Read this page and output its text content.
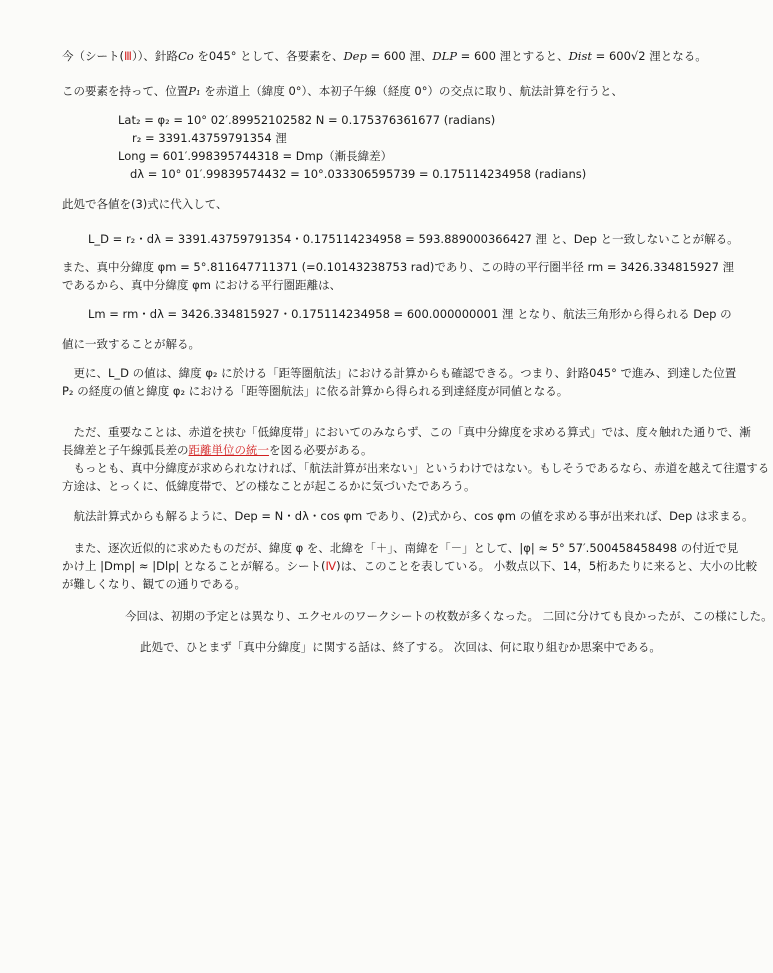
今（シート(Ⅲ））、針路Co を045° として、各要素を、Dep = 600 浬、DLP = 600 浬とすると、Dist = 600√2 浬となる。
この要素を持って、位置P₁ を赤道上（緯度 0°）、本初子午線（経度 0°）の交点に取り、航法計算を行うと、
Lat₂ = φ₂ = 10° 02′.89952102582 N = 0.175376361677 (radians)
r₂ = 3391.43759791354 浬
Long = 601′.998395744318 = Dmp（漸長緯差）
dλ = 10° 01′.99839574432 = 10°.033306595739 = 0.175114234958 (radians)
此処で各値を(3)式に代入して、
L_D = r₂・dλ = 3391.43759791354・0.175114234958 = 593.889000366427 浬 と、Dep と一致しないことが解る。
また、真中分緯度 φm = 5°.811647711371 (=0.10143238753 rad)であり、この時の平行圏半径 rm = 3426.334815927 浬
であるから、真中分緯度 φm における平行圏距離は、
Lm = rm・dλ = 3426.334815927・0.175114234958 = 600.000000001 浬 となり、航法三角形から得られる Dep の
値に一致することが解る。
　更に、L_D の値は、緯度 φ₂ に於ける「距等圏航法」における計算からも確認できる。つまり、針路045° で進み、到達した位置
P₂ の経度の値と緯度 φ₂ における「距等圏航法」に依る計算から得られる到達経度が同値となる。
　ただ、重要なことは、赤道を挟む「低緯度帯」においてのみならず、この「真中分緯度を求める算式」では、度々触れた通りで、漸
長緯差と子午線弧長差の距離単位の統一を図る必要がある。
　もっとも、真中分緯度が求められなければ、「航法計算が出来ない」というわけではない。もしそうであるなら、赤道を越えて往還する
方途は、とっくに、低緯度帯で、どの様なことが起こるかに気づいたであろう。
　航法計算式からも解るように、Dep = N・dλ・cos φm であり、(2)式から、cos φm の値を求める事が出来れば、Dep は求まる。
　また、逐次近似的に求めたものだが、緯度 φ を、北緯を「＋」、南緯を「－」として、|φ| ≈ 5° 57′.500458458498 の付近で見
かけ上 |Dmp| ≈ |Dlp| となることが解る。シート(Ⅳ)は、このことを表している。 小数点以下、14，5桁あたりに来ると、大小の比較
が難しくなり、観ての通りである。
今回は、初期の予定とは異なり、エクセルのワークシートの枚数が多くなった。 二回に分けても良かったが、この様にした。
此処で、ひとまず「真中分緯度」に関する話は、終了する。 次回は、何に取り組むか思案中である。
